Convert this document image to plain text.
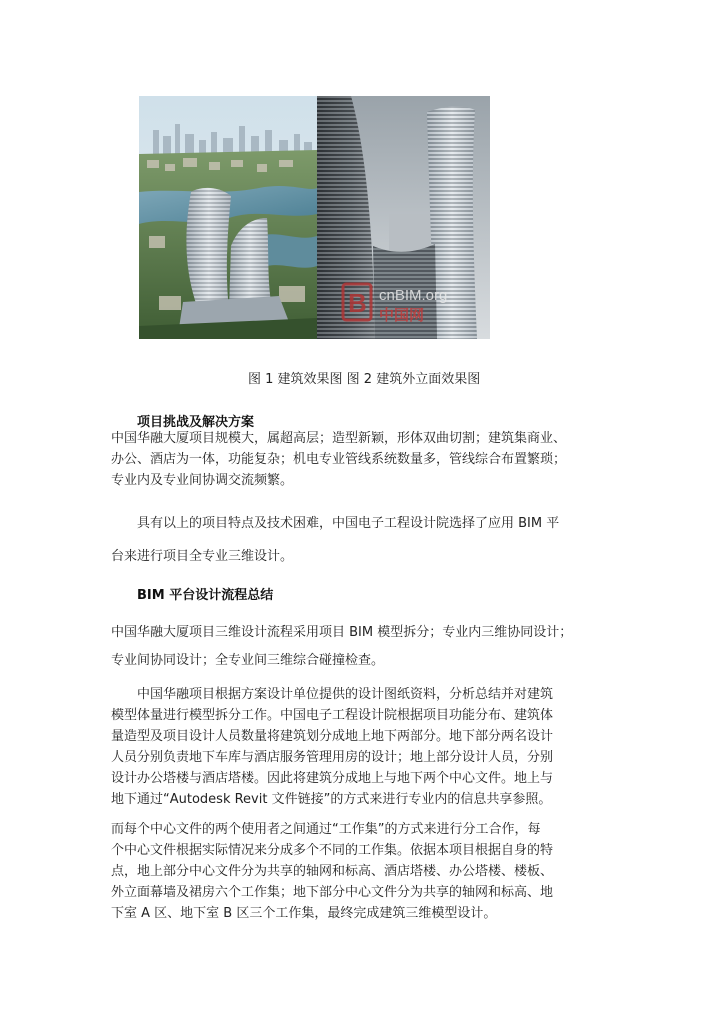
B cnBIM.org
中国网
图 1 建筑效果图 图 2 建筑外立面效果图
项目挑战及解决方案
中国华融大厦项目规模大，属超高层；造型新颖，形体双曲切割；建筑集商业、
办公、酒店为一体，功能复杂；机电专业管线系统数量多，管线综合布置繁琐；
专业内及专业间协调交流频繁。
具有以上的项目特点及技术困难，中国电子工程设计院选择了应用 BIM 平
台来进行项目全专业三维设计。
BIM 平台设计流程总结
中国华融大厦项目三维设计流程采用项目 BIM 模型拆分；专业内三维协同设计；
专业间协同设计；全专业间三维综合碰撞检查。
中国华融项目根据方案设计单位提供的设计图纸资料，分析总结并对建筑
模型体量进行模型拆分工作。中国电子工程设计院根据项目功能分布、建筑体
量造型及项目设计人员数量将建筑划分成地上地下两部分。地下部分两名设计
人员分别负责地下车库与酒店服务管理用房的设计；地上部分设计人员，分别
设计办公塔楼与酒店塔楼。因此将建筑分成地上与地下两个中心文件。地上与
地下通过“Autodesk Revit 文件链接”的方式来进行专业内的信息共享参照。
而每个中心文件的两个使用者之间通过“工作集”的方式来进行分工合作，每
个中心文件根据实际情况来分成多个不同的工作集。依据本项目根据自身的特
点，地上部分中心文件分为共享的轴网和标高、酒店塔楼、办公塔楼、楼板、
外立面幕墙及裙房六个工作集；地下部分中心文件分为共享的轴网和标高、地
下室 A 区、地下室 B 区三个工作集，最终完成建筑三维模型设计。
